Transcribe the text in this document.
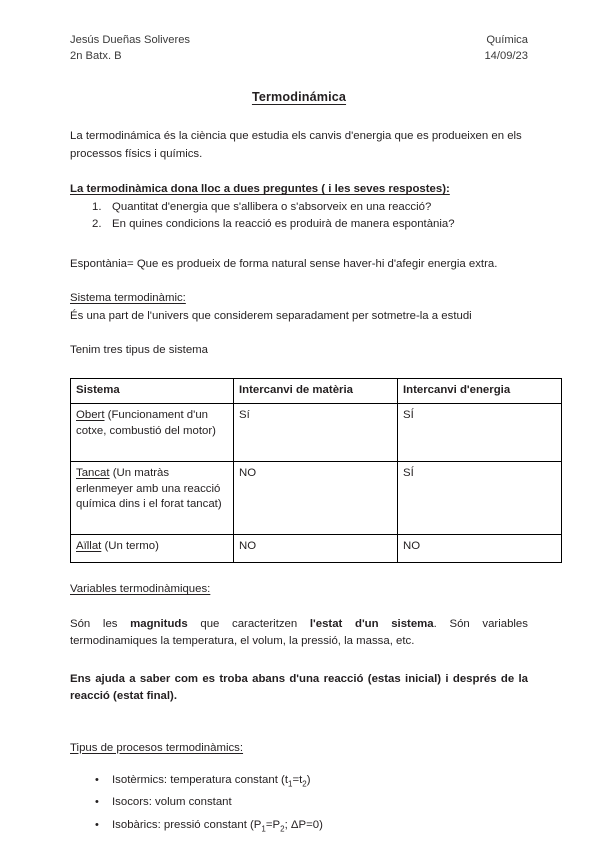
Jesús Dueñas Soliveres
2n Batx. B
Química
14/09/23
Termodinámica

La termodinámica és la ciència que estudia els canvis d'energia que es produeixen en els processos físics i químics.

La termodinàmica dona lloc a dues preguntes ( i les seves respostes):

1. Quantitat d'energia que s'allibera o s'absorveix en una reacció?
2. En quines condicions la reacció es produirà de manera espontània?

Espontània= Que es produeix de forma natural sense haver-hi d'afegir energia extra.

Sistema termodinàmic:

És una part de l'univers que considerem separadament per sotmetre-la a estudi

Tenim tres tipus de sistema

Sistema	Intercanvi de matèria	Intercanvi d'energia
Obert (Funcionament d'un cotxe, combustió del motor)	Sí	SÍ
Tancat (Un matràs erlenmeyer amb una reacció química dins i el forat tancat)	NO	SÍ
Aïllat (Un termo)	NO	NO

Variables termodinàmiques:

Són les magnituds que caracteritzen l'estat d'un sistema. Són variables termodinamiques la temperatura, el volum, la pressió, la massa, etc.

Ens ajuda a saber com es troba abans d'una reacció (estas inicial) i després de la reacció (estat final).

Tipus de procesos termodinàmics:

• Isotèrmics: temperatura constant $(t_1=t_2)$
• Isocors: volum constant
• Isobàrics: pressió constant ($P_1=P_2$; ΔP=0)
